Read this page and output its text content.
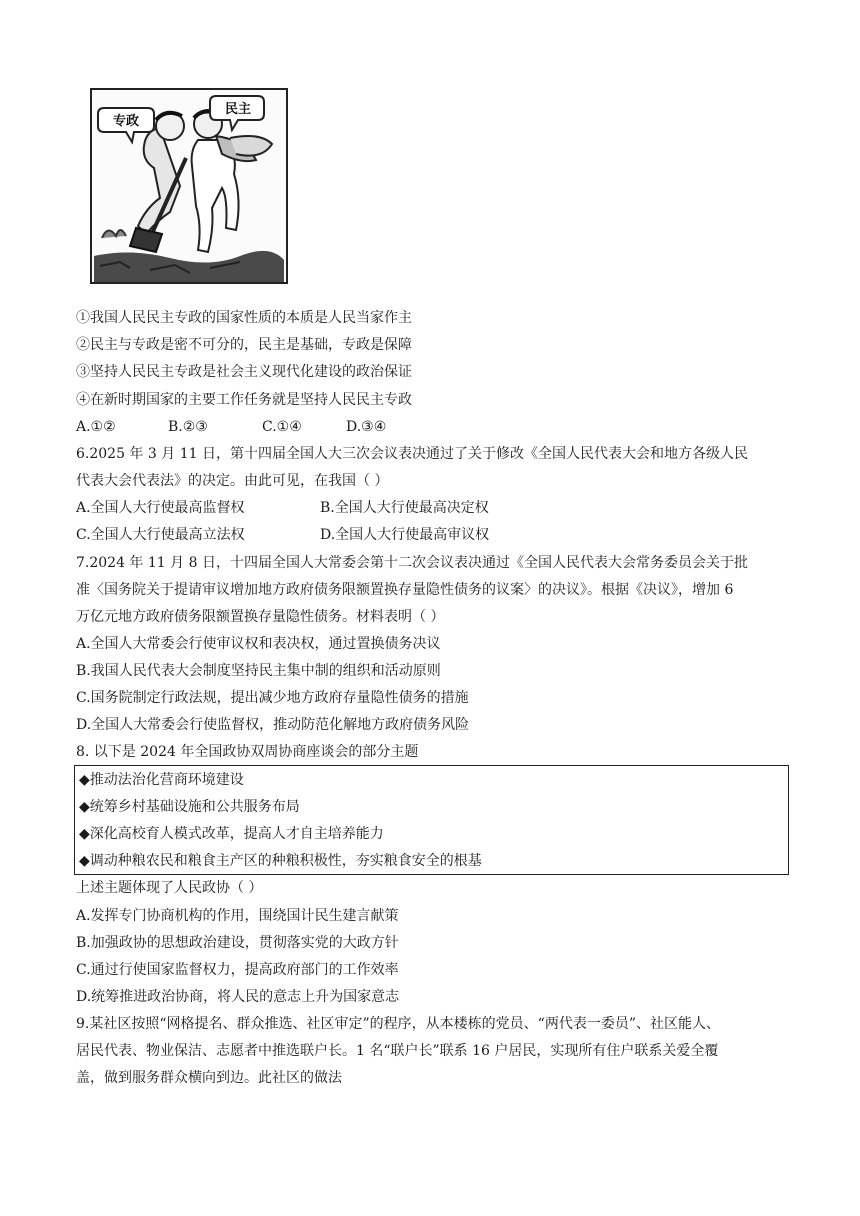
专政
民主
①我国人民民主专政的国家性质的本质是人民当家作主
②民主与专政是密不可分的，民主是基础，专政是保障
③坚持人民民主专政是社会主义现代化建设的政治保证
④在新时期国家的主要工作任务就是坚持人民民主专政
A.①②	B.②③	C.①④	D.③④
6.2025 年 3 月 11 日，第十四届全国人大三次会议表决通过了关于修改《全国人民代表大会和地方各级人民
代表大会代表法》的决定。由此可见，在我国（ ）
A.全国人大行使最高监督权	B.全国人大行使最高决定权
C.全国人大行使最高立法权	D.全国人大行使最高审议权
7.2024 年 11 月 8 日，十四届全国人大常委会第十二次会议表决通过《全国人民代表大会常务委员会关于批
准〈国务院关于提请审议增加地方政府债务限额置换存量隐性债务的议案〉的决议》。根据《决议》，增加 6
万亿元地方政府债务限额置换存量隐性债务。材料表明（ ）
A.全国人大常委会行使审议权和表决权，通过置换债务决议
B.我国人民代表大会制度坚持民主集中制的组织和活动原则
C.国务院制定行政法规，提出减少地方政府存量隐性债务的措施
D.全国人大常委会行使监督权，推动防范化解地方政府债务风险
8. 以下是 2024 年全国政协双周协商座谈会的部分主题
◆推动法治化营商环境建设
◆统筹乡村基础设施和公共服务布局
◆深化高校育人模式改革，提高人才自主培养能力
◆调动种粮农民和粮食主产区的种粮积极性，夯实粮食安全的根基
上述主题体现了人民政协（ ）
A.发挥专门协商机构的作用，围绕国计民生建言献策
B.加强政协的思想政治建设，贯彻落实党的大政方针
C.通过行使国家监督权力，提高政府部门的工作效率
D.统筹推进政治协商，将人民的意志上升为国家意志
9.某社区按照“网格提名、群众推选、社区审定”的程序，从本楼栋的党员、“两代表一委员”、社区能人、
居民代表、物业保洁、志愿者中推选联户长。1 名“联户长”联系 16 户居民，实现所有住户联系关爱全覆
盖，做到服务群众横向到边。此社区的做法
